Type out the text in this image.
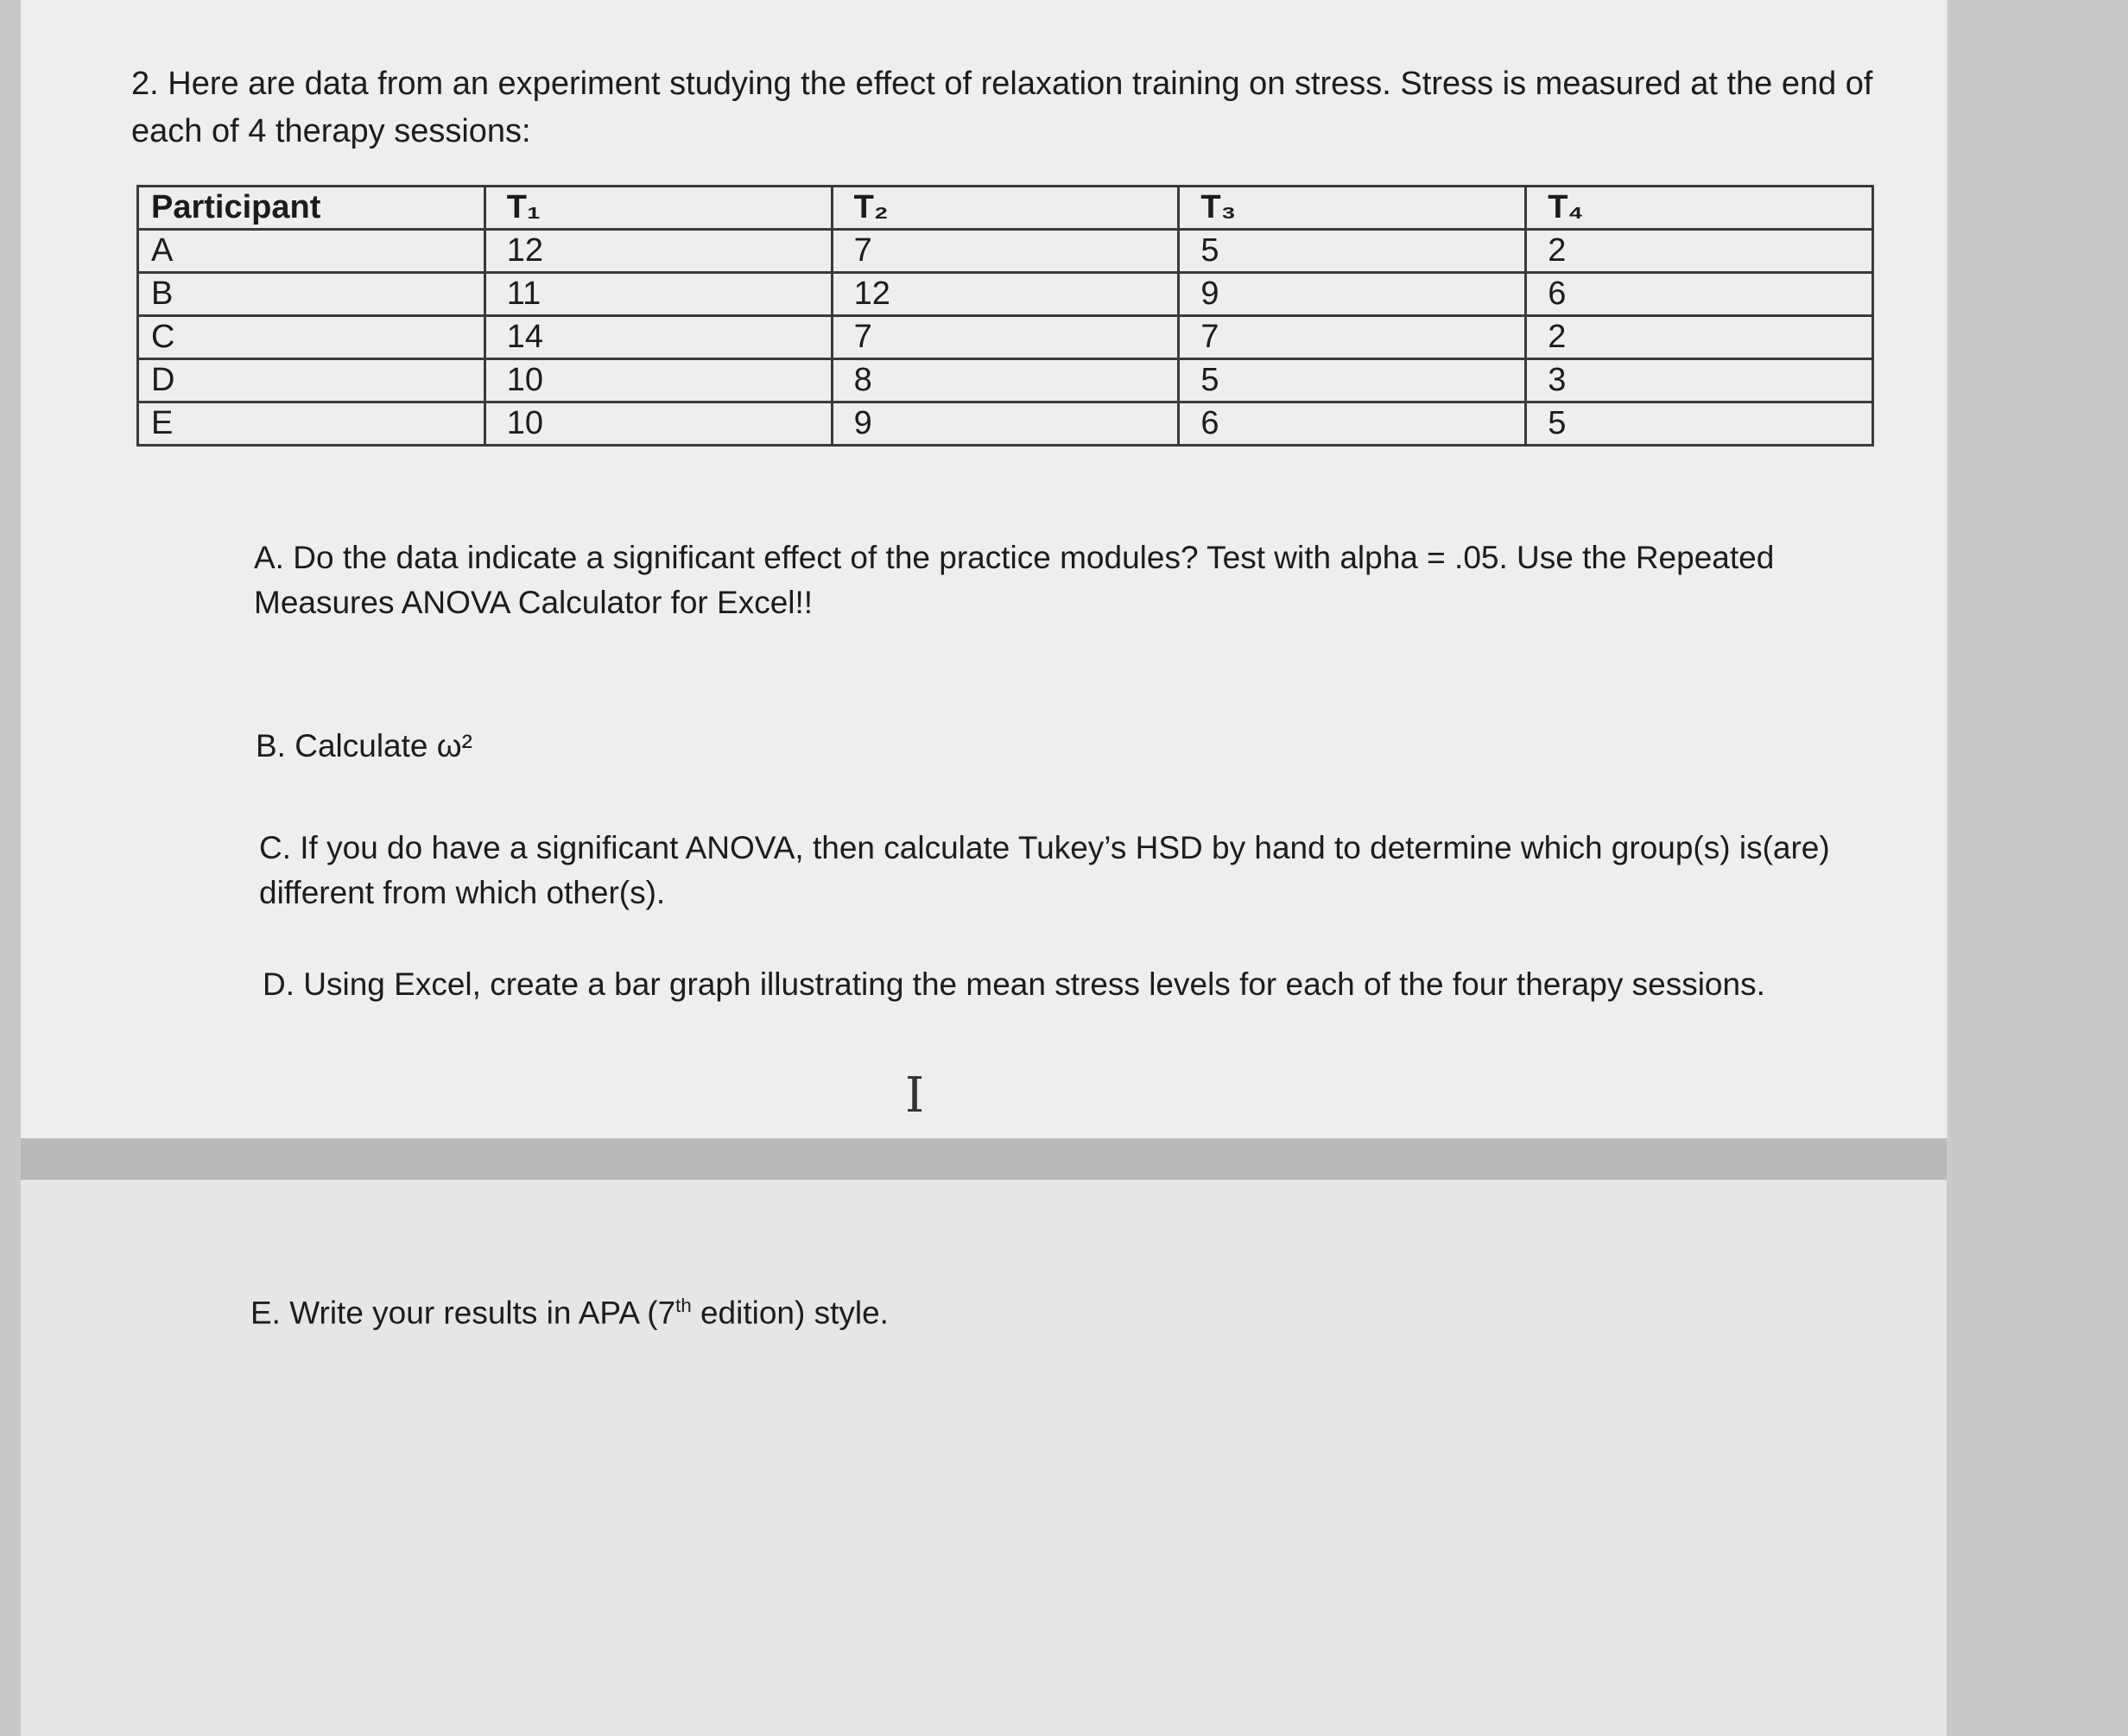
2. Here are data from an experiment studying the effect of relaxation training on stress. Stress is measured at the end of each of 4 therapy sessions:

Participant	T₁	T₂	T₃	T₄
A	12	7	5	2
B	11	12	9	6
C	14	7	7	2
D	10	8	5	3
E	10	9	6	5

A. Do the data indicate a significant effect of the practice modules? Test with alpha = .05. Use the Repeated Measures ANOVA Calculator for Excel!!

B. Calculate ω²

C. If you do have a significant ANOVA, then calculate Tukey’s HSD by hand to determine which group(s) is(are) different from which other(s).

D. Using Excel, create a bar graph illustrating the mean stress levels for each of the four therapy sessions.

E. Write your results in APA (7th edition) style.

I
